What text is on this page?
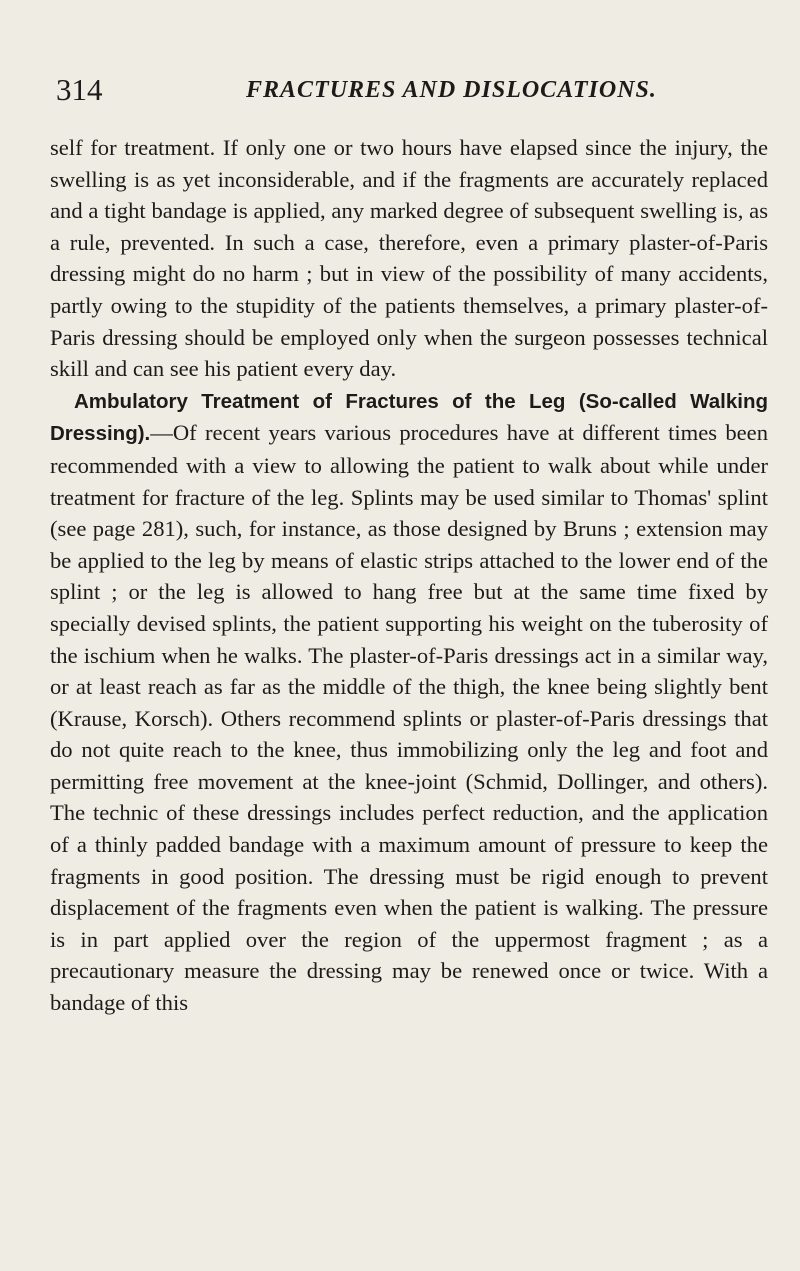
314	FRACTURES AND DISLOCATIONS.

self for treatment. If only one or two hours have elapsed since the injury, the swelling is as yet inconsiderable, and if the fragments are accurately replaced and a tight bandage is applied, any marked degree of subsequent swelling is, as a rule, prevented. In such a case, therefore, even a primary plaster-of-Paris dressing might do no harm ; but in view of the possibility of many accidents, partly owing to the stupidity of the patients themselves, a primary plaster-of-Paris dressing should be employed only when the surgeon possesses technical skill and can see his patient every day.

Ambulatory Treatment of Fractures of the Leg (So-called Walking Dressing).—Of recent years various procedures have at different times been recommended with a view to allowing the patient to walk about while under treatment for fracture of the leg. Splints may be used similar to Thomas' splint (see page 281), such, for instance, as those designed by Bruns ; extension may be applied to the leg by means of elastic strips attached to the lower end of the splint ; or the leg is allowed to hang free but at the same time fixed by specially devised splints, the patient supporting his weight on the tuberosity of the ischium when he walks. The plaster-of-Paris dressings act in a similar way, or at least reach as far as the middle of the thigh, the knee being slightly bent (Krause, Korsch). Others recommend splints or plaster-of-Paris dressings that do not quite reach to the knee, thus immobilizing only the leg and foot and permitting free movement at the knee-joint (Schmid, Dollinger, and others). The technic of these dressings includes perfect reduction, and the application of a thinly padded bandage with a maximum amount of pressure to keep the fragments in good position. The dressing must be rigid enough to prevent displacement of the fragments even when the patient is walking. The pressure is in part applied over the region of the uppermost fragment ; as a precautionary measure the dressing may be renewed once or twice. With a bandage of this
